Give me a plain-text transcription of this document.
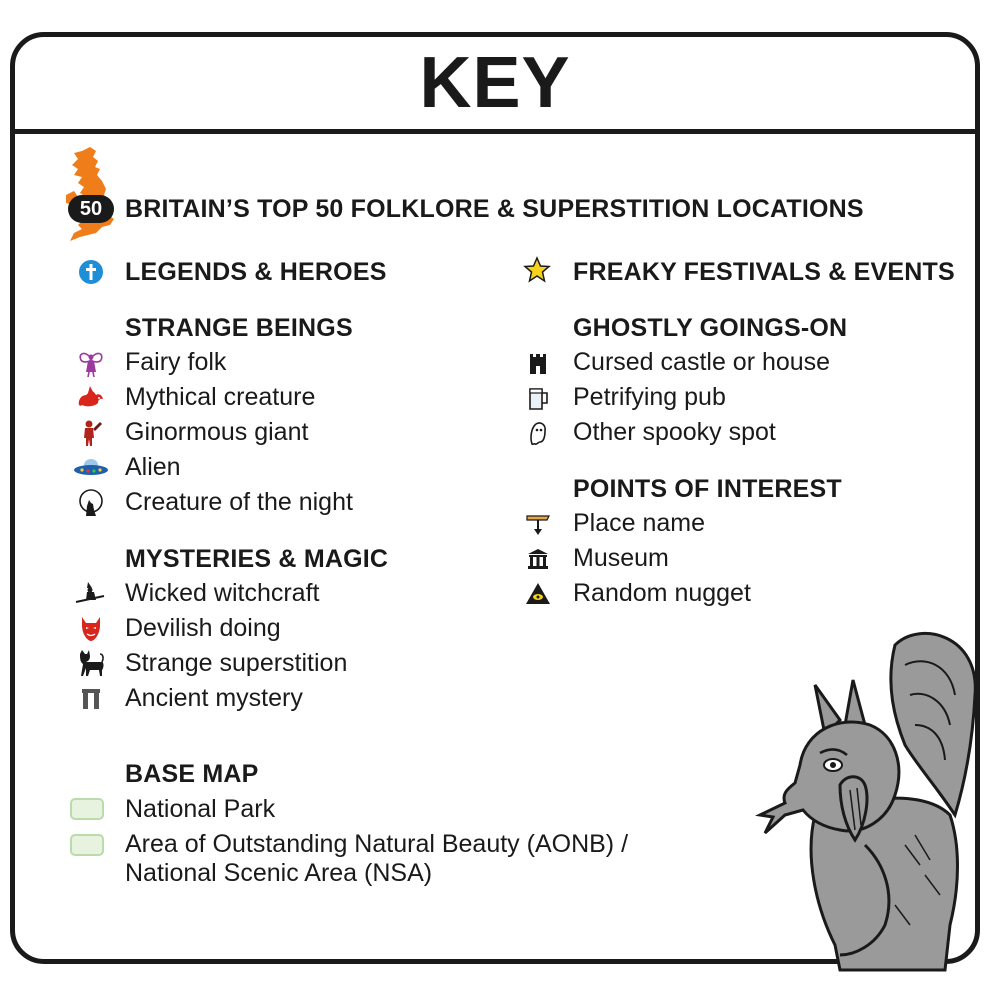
KEY
50 BRITAIN’S TOP 50 FOLKLORE & SUPERSTITION LOCATIONS
LEGENDS & HEROES	FREAKY FESTIVALS & EVENTS
STRANGE BEINGS
Fairy folk
Mythical creature
Ginormous giant
Alien
Creature of the night
MYSTERIES & MAGIC
Wicked witchcraft
Devilish doing
Strange superstition
Ancient mystery
GHOSTLY GOINGS-ON
Cursed castle or house
Petrifying pub
Other spooky spot
POINTS OF INTEREST
Place name
Museum
Random nugget
BASE MAP
National Park
Area of Outstanding Natural Beauty (AONB) /
National Scenic Area (NSA)
